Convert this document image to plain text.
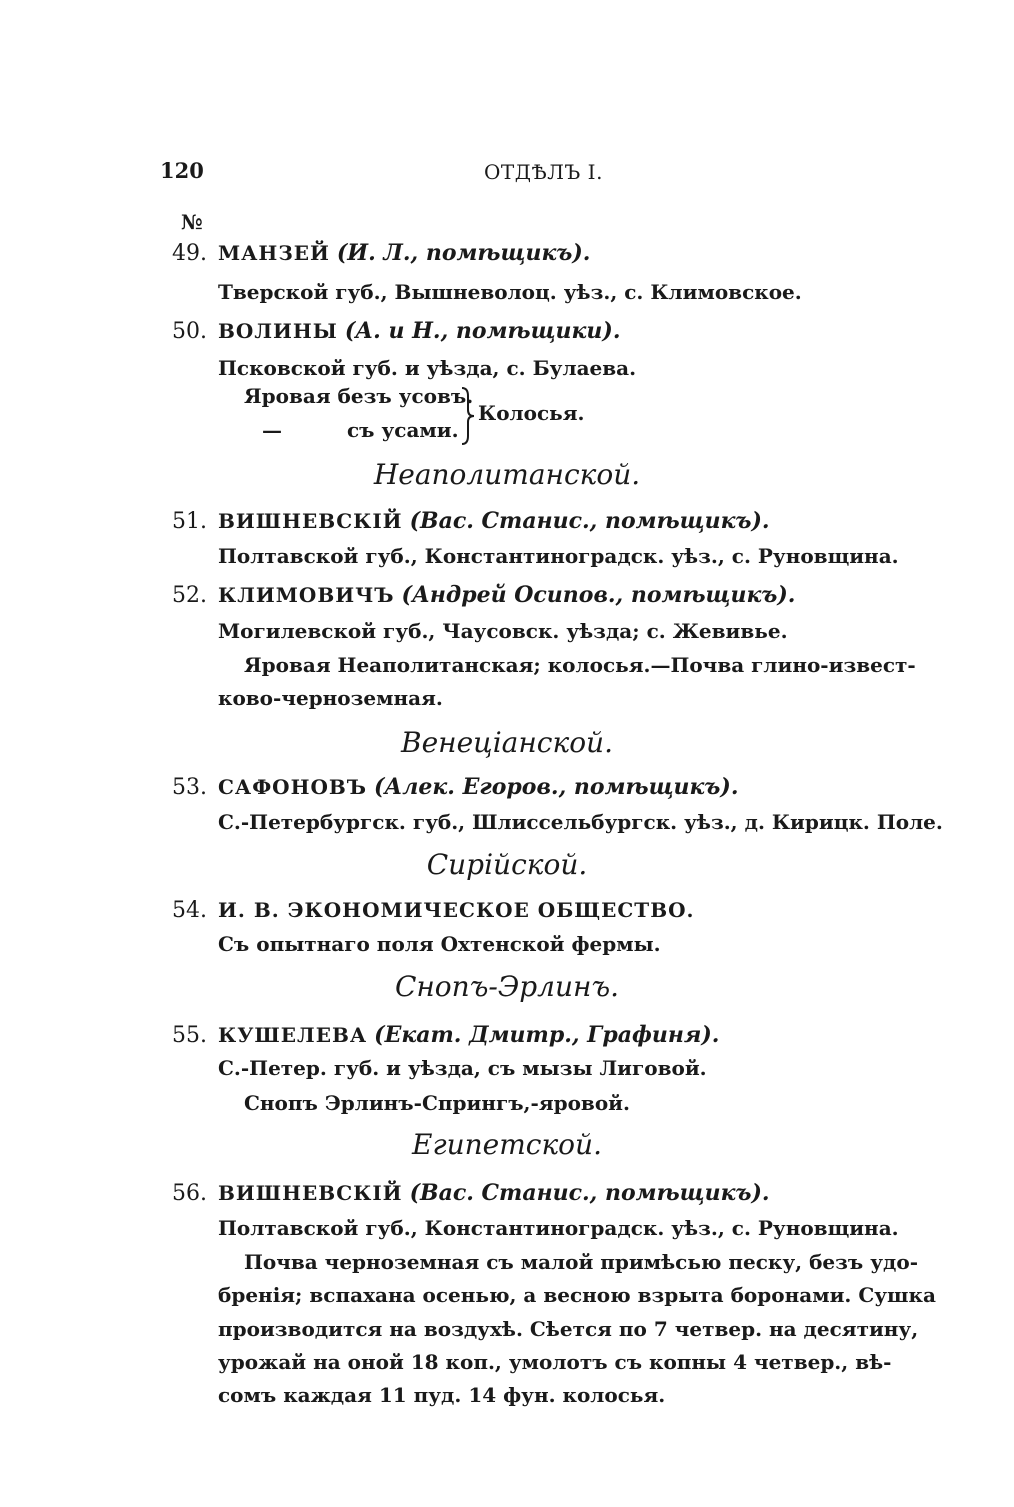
120	ОТДѢЛЪ I.
№
49. МАНЗЕЙ (И. Л., помѣщикъ).
Тверской губ., Вышневолоц. уѣз., с. Климовское.
50. ВОЛИНЫ (А. и Н., помѣщики).
Псковской губ. и уѣзда, с. Булаева.
Яровая безъ усовъ.
—	съ усами.
Колосья.
Неаполитанской.
51. ВИШНЕВСКІЙ (Вас. Станис., помѣщикъ).
Полтавской губ., Константиноградск. уѣз., с. Руновщина.
52. КЛИМОВИЧЪ (Андрей Осипов., помѣщикъ).
Могилевской губ., Чаусовск. уѣзда; с. Жевивье.
Яровая Неаполитанская; колосья.—Почва глино-извест-
ково-черноземная.
Венеціанской.
53. САФОНОВЪ (Алек. Егоров., помѣщикъ).
С.-Петербургск. губ., Шлиссельбургск. уѣз., д. Кирицк. Поле.
Сирійской.
54. И. В. ЭКОНОМИЧЕСКОЕ ОБЩЕСТВО.
Съ опытнаго поля Охтенской фермы.
Снопъ-Эрлинъ.
55. КУШЕЛЕВА (Екат. Дмитр., Графиня).
С.-Петер. губ. и уѣзда, съ мызы Лиговой.
Снопъ Эрлинъ-Спрингъ,-яровой.
Египетской.
56. ВИШНЕВСКІЙ (Вас. Станис., помѣщикъ).
Полтавской губ., Константиноградск. уѣз., с. Руновщина.
Почва черноземная съ малой примѣсью песку, безъ удо-
бренія; вспахана осенью, а весною взрыта боронами. Сушка
производится на воздухѣ. Сѣется по 7 четвер. на десятину,
урожай на оной 18 коп., умолотъ съ копны 4 четвер., вѣ-
сомъ каждая 11 пуд. 14 фун. колосья.
